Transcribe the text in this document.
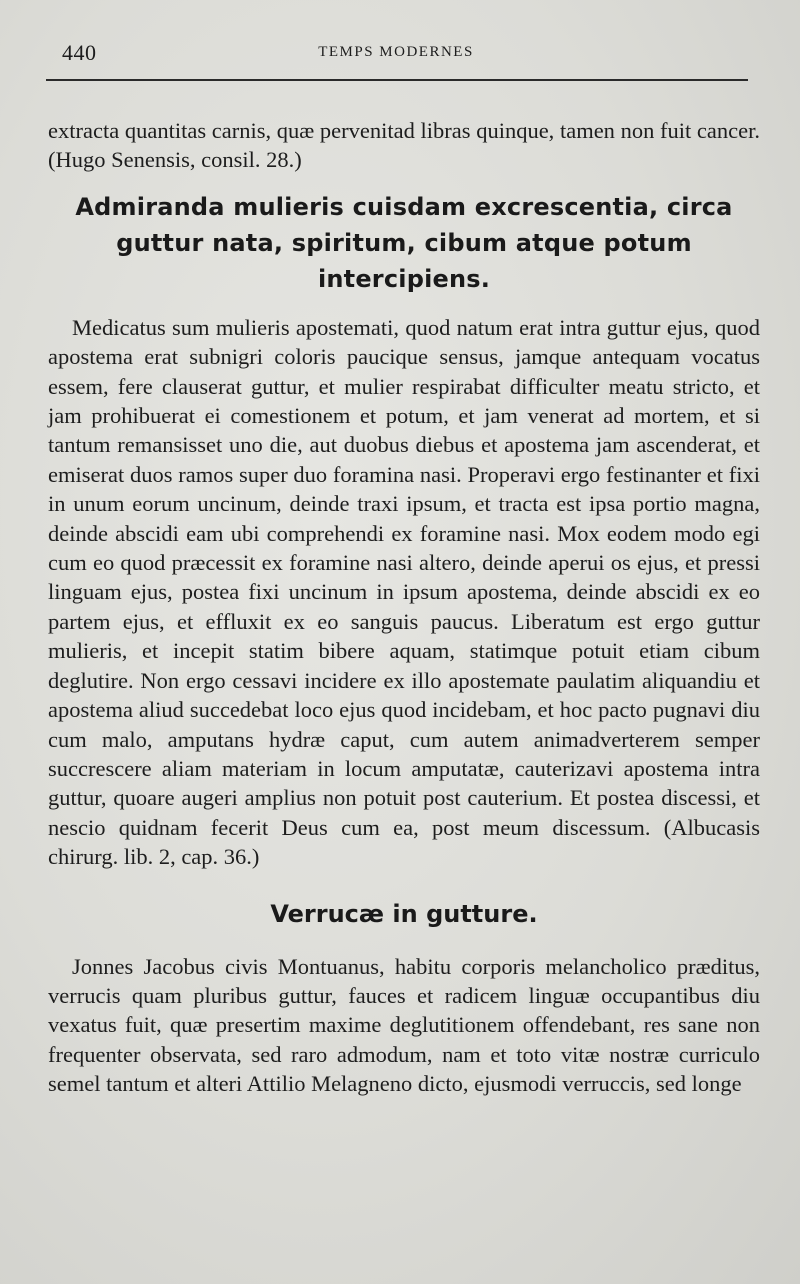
440	TEMPS MODERNES

extracta quantitas carnis, quæ pervenitad libras quinque, tamen non fuit cancer. (Hugo Senensis, consil. 28.)

Admiranda mulieris cuisdam excrescentia, circa guttur nata, spiritum, cibum atque potum intercipiens.

Medicatus sum mulieris apostemati, quod natum erat intra guttur ejus, quod apostema erat subnigri coloris paucique sensus, jamque antequam vocatus essem, fere clauserat guttur, et mulier respirabat difficulter meatu stricto, et jam prohibuerat ei comestionem et potum, et jam venerat ad mortem, et si tantum remansisset uno die, aut duobus diebus et apostema jam ascenderat, et emiserat duos ramos super duo foramina nasi. Properavi ergo festinanter et fixi in unum eorum uncinum, deinde traxi ipsum, et tracta est ipsa portio magna, deinde abscidi eam ubi comprehendi ex foramine nasi. Mox eodem modo egi cum eo quod præcessit ex foramine nasi altero, deinde aperui os ejus, et pressi linguam ejus, postea fixi uncinum in ipsum apostema, deinde abscidi ex eo partem ejus, et effluxit ex eo sanguis paucus. Liberatum est ergo guttur mulieris, et incepit statim bibere aquam, statimque potuit etiam cibum deglutire. Non ergo cessavi incidere ex illo apostemate paulatim aliquandiu et apostema aliud succedebat loco ejus quod incidebam, et hoc pacto pugnavi diu cum malo, amputans hydræ caput, cum autem animadverterem semper succrescere aliam materiam in locum amputatæ, cauterizavi apostema intra guttur, quoare augeri amplius non potuit post cauterium. Et postea discessi, et nescio quidnam fecerit Deus cum ea, post meum discessum. (Albucasis chirurg. lib. 2, cap. 36.)

Verrucæ in gutture.

Jonnes Jacobus civis Montuanus, habitu corporis melancholico præditus, verrucis quam pluribus guttur, fauces et radicem linguæ occupantibus diu vexatus fuit, quæ presertim maxime deglutitionem offendebant, res sane non frequenter observata, sed raro admodum, nam et toto vitæ nostræ curriculo semel tantum et alteri Attilio Melagneno dicto, ejusmodi verruccis, sed longe
